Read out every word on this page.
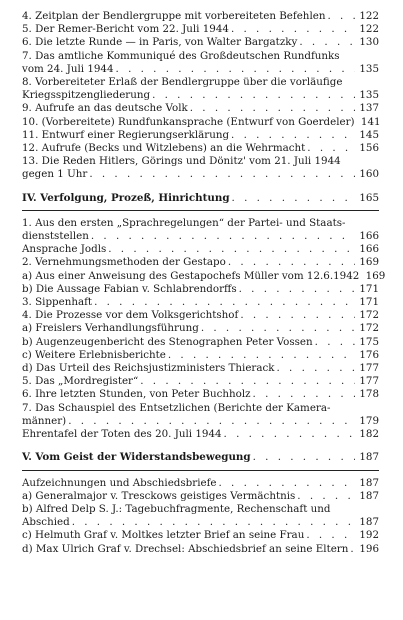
4. Zeitplan der Bendlergruppe mit vorbereiteten Befehlen . . .	122
5. Der Remer-Bericht vom 22. Juli 1944 . . .	122
6. Die letzte Runde — in Paris, von Walter Bargatzky . . .	130
7. Das amtliche Kommuniqué des Großdeutschen Rundfunks
vom 24. Juli 1944 . . .	135
8. Vorbereiteter Erlaß der Bendlergruppe über die vorläufige
Kriegsspitzengliederung . . .	135
9. Aufrufe an das deutsche Volk . . .	137
10. (Vorbereitete) Rundfunkansprache (Entwurf von Goerdeler) 141
11. Entwurf einer Regierungserklärung . . .	145
12. Aufrufe (Becks und Witzlebens) an die Wehrmacht . . .	156
13. Die Reden Hitlers, Görings und Dönitz' vom 21. Juli 1944
gegen 1 Uhr . . .	160
IV. Verfolgung, Prozeß, Hinrichtung . . .	165
1. Aus den ersten „Sprachregelungen“ der Partei- und Staats-
dienststellen . . .	166
Ansprache Jodls . . .	166
2. Vernehmungsmethoden der Gestapo . . .	169
a) Aus einer Anweisung des Gestapochefs Müller vom 12.6.1942 169
b) Die Aussage Fabian v. Schlabrendorffs . . .	171
3. Sippenhaft . . .	171
4. Die Prozesse vor dem Volksgerichtshof . . .	172
a) Freislers Verhandlungsführung . . .	172
b) Augenzeugenbericht des Stenographen Peter Vossen . . .	175
c) Weitere Erlebnisberichte . . .	176
d) Das Urteil des Reichsjustizministers Thierack . . .	177
5. Das „Mordregister“ . . .	177
6. Ihre letzten Stunden, von Peter Buchholz . . .	178
7. Das Schauspiel des Entsetzlichen (Berichte der Kamera-
männer) . . .	179
Ehrentafel der Toten des 20. Juli 1944 . . .	182
V. Vom Geist der Widerstandsbewegung . . .	187
Aufzeichnungen und Abschiedsbriefe . . .	187
a) Generalmajor v. Tresckows geistiges Vermächtnis . . .	187
b) Alfred Delp S. J.: Tagebuchfragmente, Rechenschaft und
Abschied . . .	187
c) Helmuth Graf v. Moltkes letzter Brief an seine Frau . . .	192
d) Max Ulrich Graf v. Drechsel: Abschiedsbrief an seine Eltern . . . 196
